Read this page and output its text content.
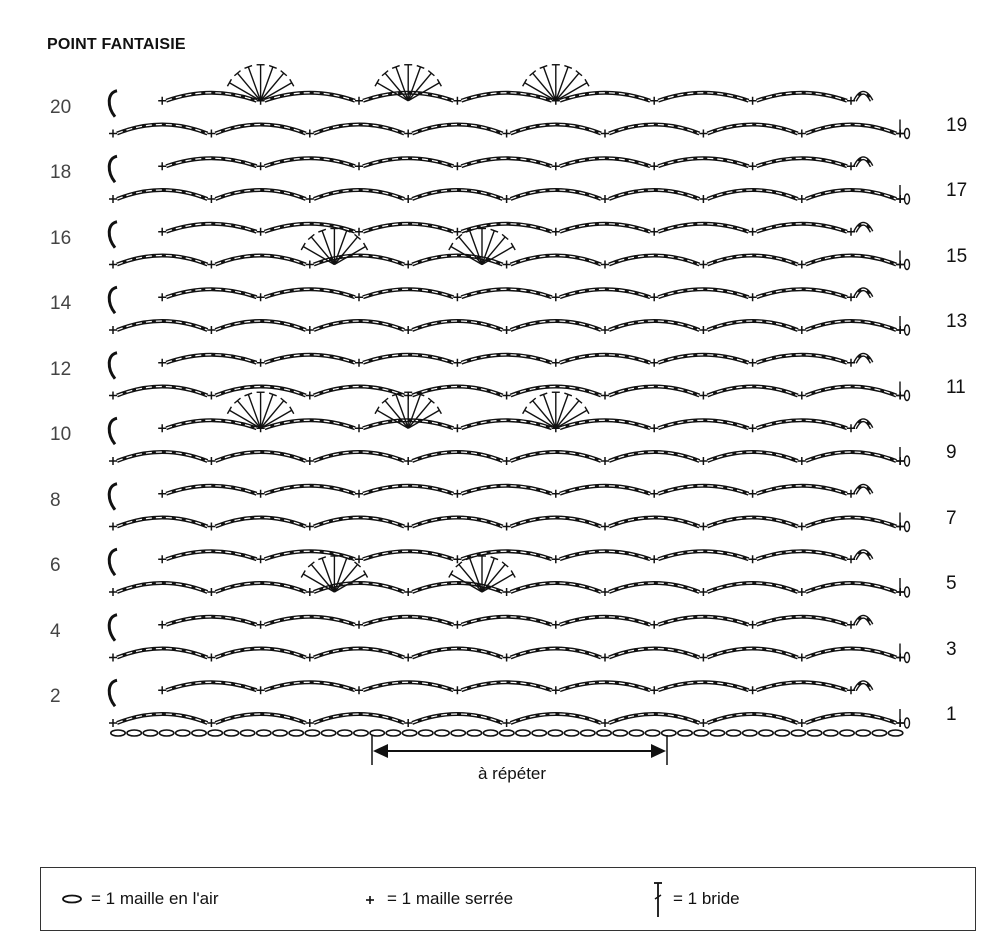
POINT FANTAISIE
20
18
16
14
12
10
8
6
4
2
19
17
15
13
11
9
7
5
3
1
à répéter
= 1 maille en l'air	= 1 maille serrée	= 1 bride
